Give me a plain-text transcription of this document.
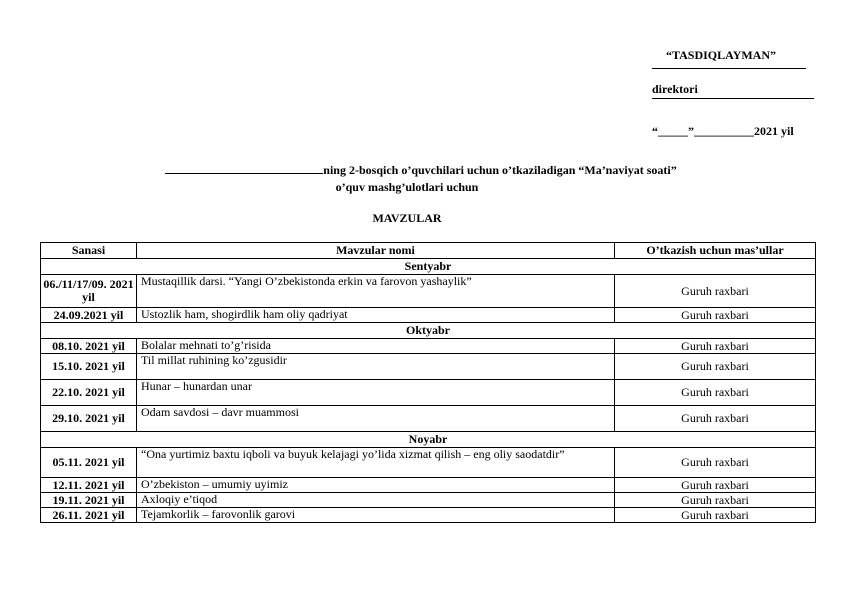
“TASDIQLAYMAN”
direktori
“_____”__________2021 yil
ning 2-bosqich o’quvchilari uchun o’tkaziladigan “Ma’naviyat soati”
o’quv mashg’ulotlari uchun
MAVZULAR
Sanasi	Mavzular nomi	O’tkazish uchun mas’ullar
Sentyabr		
06./11/17/09. 2021 yil	Mustaqillik darsi. “Yangi O’zbekistonda erkin va farovon yashaylik”	Guruh raxbari
24.09.2021 yil	Ustozlik ham, shogirdlik ham oliy qadriyat	Guruh raxbari
Oktyabr		
08.10. 2021 yil	Bolalar mehnati to’g’risida	Guruh raxbari
15.10. 2021 yil	Til millat ruhining ko’zgusidir	Guruh raxbari
22.10. 2021 yil	Hunar – hunardan unar	Guruh raxbari
29.10. 2021 yil	Odam savdosi – davr muammosi	Guruh raxbari
Noyabr		
05.11. 2021 yil	“Ona yurtimiz baxtu iqboli va buyuk kelajagi yo’lida xizmat qilish – eng oliy saodatdir”	Guruh raxbari
12.11. 2021 yil	O’zbekiston – umumiy uyimiz	Guruh raxbari
19.11. 2021 yil	Axloqiy e’tiqod	Guruh raxbari
26.11. 2021 yil	Tejamkorlik – farovonlik garovi	Guruh raxbari
